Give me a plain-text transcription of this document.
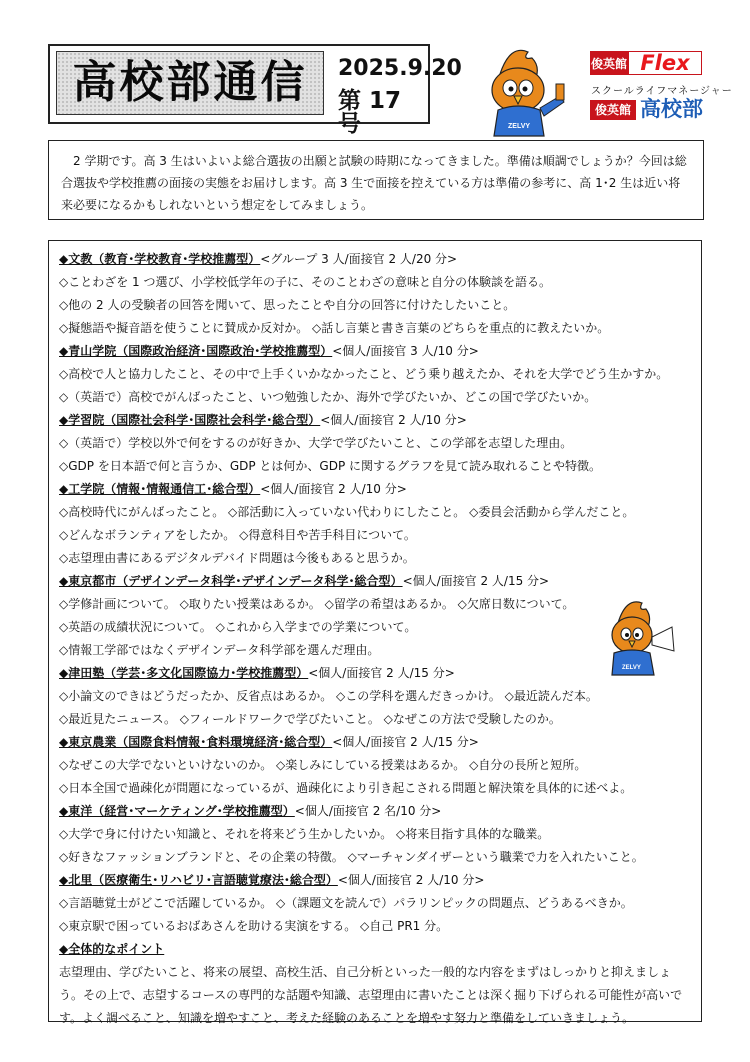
高校部通信 2025.9.20
第 17 号	ZELVY
俊英館 Flex
スクールライフマネージャー
俊英館 高校部

2 学期です。高 3 生はいよいよ総合選抜の出願と試験の時期になってきました。準備は順調でしょうか？今回は総合選抜や学校推薦の面接の実態をお届けします。高 3 生で面接を控えている方は準備の参考に、高 1･2 生は近い将来必要になるかもしれないという想定をしてみましょう。

◆文教（教育･学校教育･学校推薦型）<グループ 3 人/面接官 2 人/20 分>
◇ことわざを 1 つ選び、小学校低学年の子に、そのことわざの意味と自分の体験談を語る。
◇他の 2 人の受験者の回答を聞いて、思ったことや自分の回答に付けたしたいこと。
◇擬態語や擬音語を使うことに賛成か反対か。 ◇話し言葉と書き言葉のどちらを重点的に教えたいか。
◆青山学院（国際政治経済･国際政治･学校推薦型）<個人/面接官 3 人/10 分>
◇高校で人と協力したこと、その中で上手くいかなかったこと、どう乗り越えたか、それを大学でどう生かすか。
◇（英語で）高校でがんばったこと、いつ勉強したか、海外で学びたいか、どこの国で学びたいか。
◆学習院（国際社会科学･国際社会科学･総合型）<個人/面接官 2 人/10 分>
◇（英語で）学校以外で何をするのが好きか、大学で学びたいこと、この学部を志望した理由。
◇GDP を日本語で何と言うか、GDP とは何か、GDP に関するグラフを見て読み取れることや特徴。
◆工学院（情報･情報通信工･総合型）<個人/面接官 2 人/10 分>
◇高校時代にがんばったこと。 ◇部活動に入っていない代わりにしたこと。 ◇委員会活動から学んだこと。
◇どんなボランティアをしたか。 ◇得意科目や苦手科目について。
◇志望理由書にあるデジタルデバイド問題は今後もあると思うか。
◆東京都市（デザインデータ科学･デザインデータ科学･総合型）<個人/面接官 2 人/15 分>
◇学修計画について。 ◇取りたい授業はあるか。 ◇留学の希望はあるか。 ◇欠席日数について。
◇英語の成績状況について。 ◇これから入学までの学業について。
◇情報工学部ではなくデザインデータ科学部を選んだ理由。
◆津田塾（学芸･多文化国際協力･学校推薦型）<個人/面接官 2 人/15 分>
◇小論文のできはどうだったか、反省点はあるか。 ◇この学科を選んだきっかけ。 ◇最近読んだ本。
◇最近見たニュース。 ◇フィールドワークで学びたいこと。 ◇なぜこの方法で受験したのか。
◆東京農業（国際食料情報･食料環境経済･総合型）<個人/面接官 2 人/15 分>
◇なぜこの大学でないといけないのか。 ◇楽しみにしている授業はあるか。 ◇自分の長所と短所。
◇日本全国で過疎化が問題になっているが、過疎化により引き起こされる問題と解決策を具体的に述べよ。
◆東洋（経営･マーケティング･学校推薦型）<個人/面接官 2 名/10 分>
◇大学で身に付けたい知識と、それを将来どう生かしたいか。 ◇将来目指す具体的な職業。
◇好きなファッションブランドと、その企業の特徴。 ◇マーチャンダイザーという職業で力を入れたいこと。
◆北里（医療衛生･リハビリ･言語聴覚療法･総合型）<個人/面接官 2 人/10 分>
◇言語聴覚士がどこで活躍しているか。 ◇（課題文を読んで）パラリンピックの問題点、どうあるべきか。
◇東京駅で困っているおばあさんを助ける実演をする。 ◇自己 PR1 分。
◆全体的なポイント

志望理由、学びたいこと、将来の展望、高校生活、自己分析といった一般的な内容をまずはしっかりと抑えましょう。その上で、志望するコースの専門的な話題や知識、志望理由に書いたことは深く掘り下げられる可能性が高いです。よく調べること、知識を増やすこと、考えた経験のあることを増やす努力と準備をしていきましょう。

ZELVY
